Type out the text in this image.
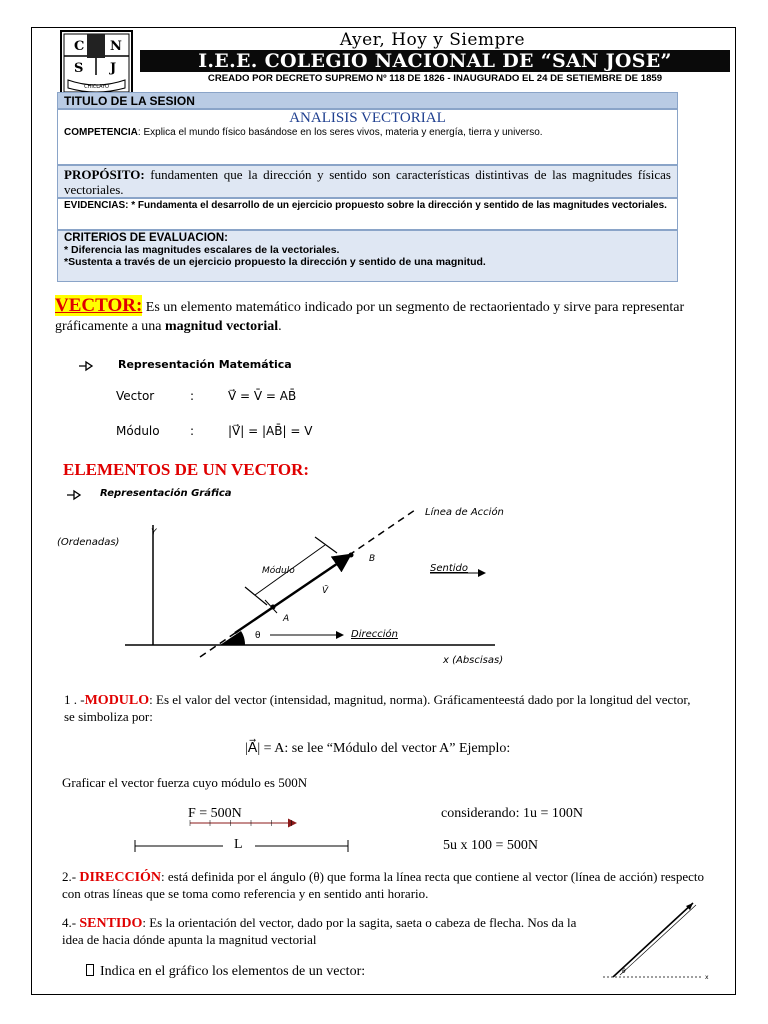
C N
S J
CHICLAYO
Ayer, Hoy y Siempre
I.E.E. COLEGIO NACIONAL DE “SAN JOSE”
CREADO POR DECRETO SUPREMO Nº 118 DE 1826 - INAUGURADO EL 24 DE SETIEMBRE DE 1859
TITULO DE LA SESION
ANALISIS VECTORIAL
COMPETENCIA: Explica el mundo físico basándose en los seres vivos, materia y energía, tierra y universo.
PROPÓSITO: fundamenten que la dirección y sentido son características distintivas de las magnitudes físicas vectoriales.
EVIDENCIAS: * Fundamenta el desarrollo de un ejercicio propuesto sobre la dirección y sentido de las magnitudes vectoriales.
CRITERIOS DE EVALUACION:
* Diferencia las magnitudes escalares de la vectoriales.
*Sustenta a través de un ejercicio propuesto la dirección y sentido de una magnitud.
VECTOR: Es un elemento matemático indicado por un segmento de rectaorientado y sirve para representar gráficamente a una magnitud vectorial.
Representación Matemática
Vector	:	V⃗ = V̄ = AB̄
Módulo	:	|V⃗| = |AB̄| = V
ELEMENTOS DE UN VECTOR:
Representación Gráfica
Y
(Ordenadas)
x (Abscisas)
Línea de Acción
A
B
V̄
Módulo
θ
Sentido
Dirección
1 . -MODULO: Es el valor del vector (intensidad, magnitud, norma). Gráficamenteestá dado por la longitud del vector, se simboliza por:
|A⃗| = A: se lee “Módulo del vector A” Ejemplo:
Graficar el vector fuerza cuyo módulo es 500N
F = 500N
L
considerando: 1u = 100N
5u x 100 = 500N
2.- DIRECCIÓN: está definida por el ángulo (θ) que forma la línea recta que contiene al vector (línea de acción) respecto con otras líneas que se toma como referencia y en sentido anti horario.
4.- SENTIDO: Es la orientación del vector, dado por la sagita, saeta o cabeza de flecha. Nos da la idea de hacia dónde apunta la magnitud vectorial
Indica en el gráfico los elementos de un vector:	x
θ
